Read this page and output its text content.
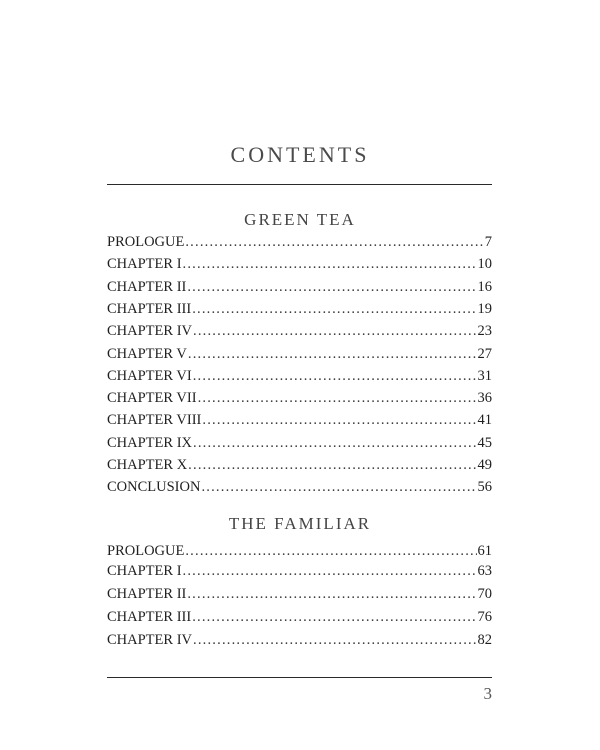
CONTENTS
GREEN TEA
PROLOGUE .....	7
CHAPTER I .....	10
CHAPTER II .....	16
CHAPTER III .....	19
CHAPTER IV .....	23
CHAPTER V .....	27
CHAPTER VI .....	31
CHAPTER VII .....	36
CHAPTER VIII .....	41
CHAPTER IX .....	45
CHAPTER X .....	49
CONCLUSION .....	56
THE FAMILIAR
PROLOGUE .....	61
CHAPTER I .....	63
CHAPTER II .....	70
CHAPTER III .....	76
CHAPTER IV .....	82
3
